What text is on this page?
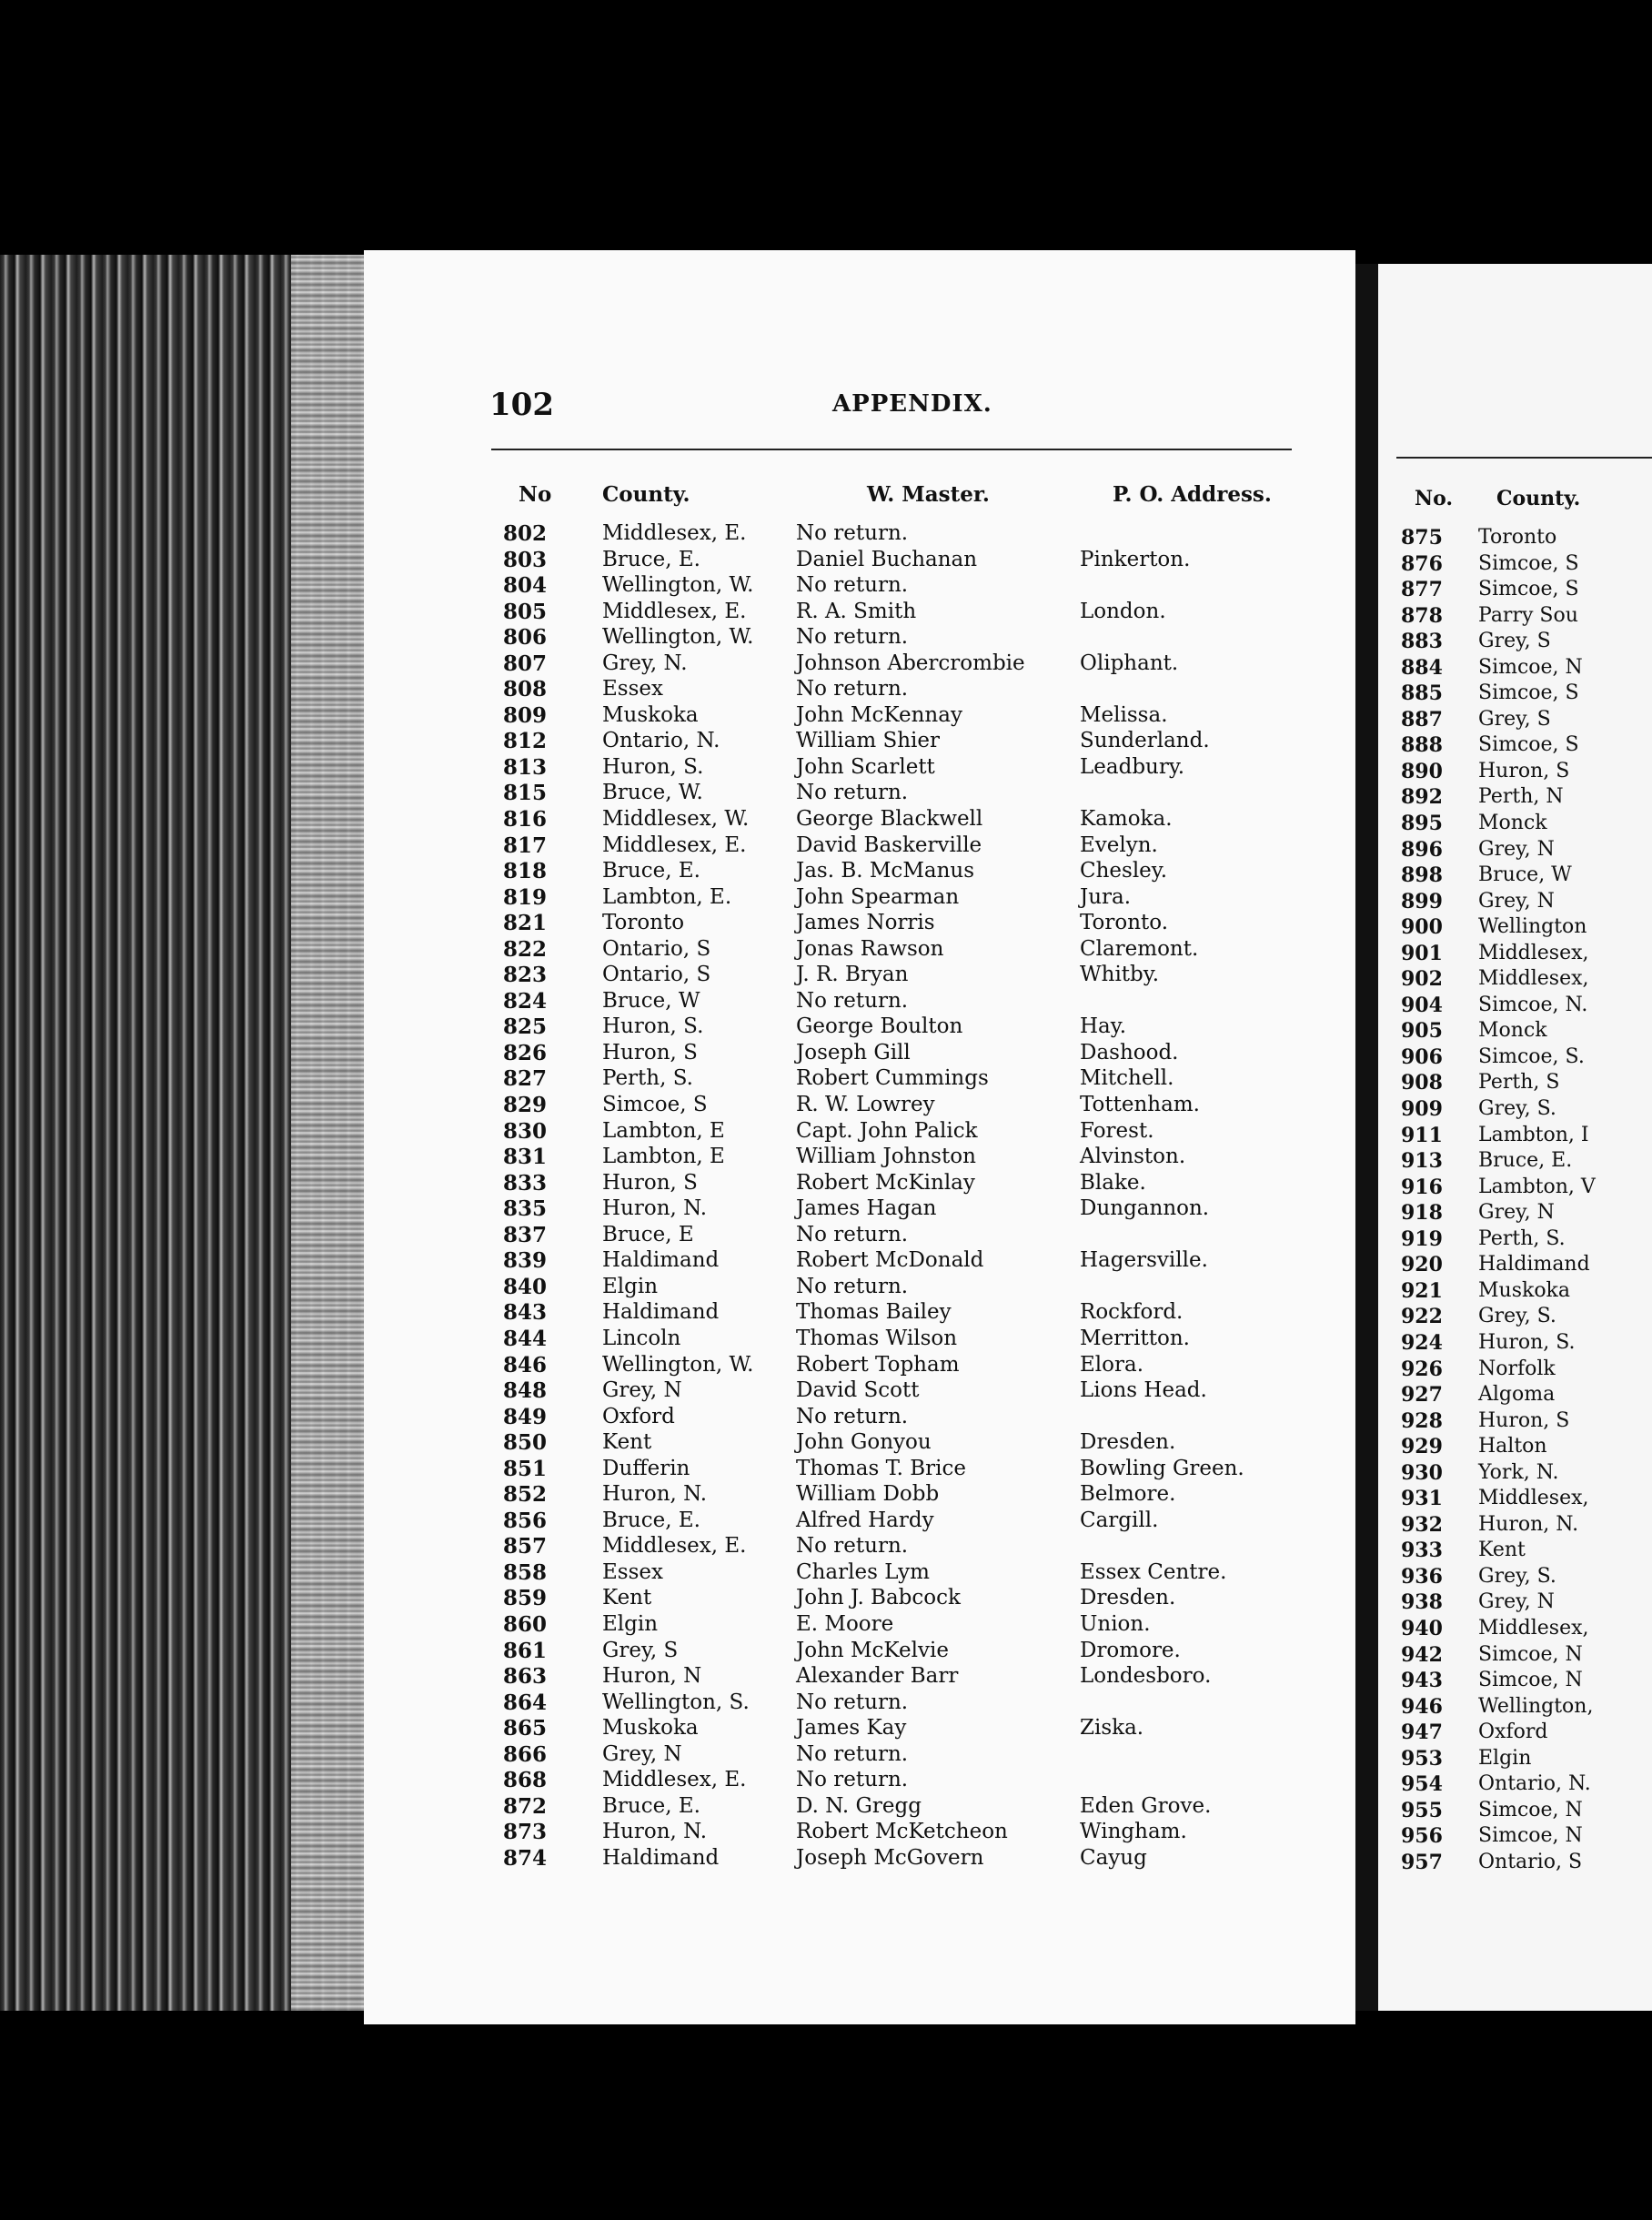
102	APPENDIX.
No County.	W. Master.	P. O. Address.
802	Middlesex, E.	No return.
803	Bruce, E.	Daniel Buchanan	Pinkerton.
804	Wellington, W.	No return.
805	Middlesex, E.	R. A. Smith	London.
806	Wellington, W.	No return.
807	Grey, N.	Johnson Abercrombie	Oliphant.
808	Essex	No return.
809	Muskoka	John McKennay	Melissa.
812	Ontario, N.	William Shier	Sunderland.
813	Huron, S.	John Scarlett	Leadbury.
815	Bruce, W.	No return.
816	Middlesex, W.	George Blackwell	Kamoka.
817	Middlesex, E.	David Baskerville	Evelyn.
818	Bruce, E.	Jas. B. McManus	Chesley.
819	Lambton, E.	John Spearman	Jura.
821	Toronto	James Norris	Toronto.
822	Ontario, S	Jonas Rawson	Claremont.
823	Ontario, S	J. R. Bryan	Whitby.
824	Bruce, W	No return.
825	Huron, S.	George Boulton	Hay.
826	Huron, S	Joseph Gill	Dashood.
827	Perth, S.	Robert Cummings	Mitchell.
829	Simcoe, S	R. W. Lowrey	Tottenham.
830	Lambton, E	Capt. John Palick	Forest.
831	Lambton, E	William Johnston	Alvinston.
833	Huron, S	Robert McKinlay	Blake.
835	Huron, N.	James Hagan	Dungannon.
837	Bruce, E	No return.
839	Haldimand	Robert McDonald	Hagersville.
840	Elgin	No return.
843	Haldimand	Thomas Bailey	Rockford.
844	Lincoln	Thomas Wilson	Merritton.
846	Wellington, W.	Robert Topham	Elora.
848	Grey, N	David Scott	Lions Head.
849	Oxford	No return.
850	Kent	John Gonyou	Dresden.
851	Dufferin	Thomas T. Brice	Bowling Green.
852	Huron, N.	William Dobb	Belmore.
856	Bruce, E.	Alfred Hardy	Cargill.
857	Middlesex, E.	No return.
858	Essex	Charles Lym	Essex Centre.
859	Kent	John J. Babcock	Dresden.
860	Elgin	E. Moore	Union.
861	Grey, S	John McKelvie	Dromore.
863	Huron, N	Alexander Barr	Londesboro.
864	Wellington, S.	No return.
865	Muskoka	James Kay	Ziska.
866	Grey, N	No return.
868	Middlesex, E.	No return.
872	Bruce, E.	D. N. Gregg	Eden Grove.
873	Huron, N.	Robert McKetcheon	Wingham.
874	Haldimand	Joseph McGovern	Cayug
No. County.
875 Toronto
876 Simcoe, S
877 Simcoe, S
878 Parry Sou
883 Grey, S
884 Simcoe, N
885 Simcoe, S
887 Grey, S
888 Simcoe, S
890 Huron, S
892 Perth, N
895 Monck
896 Grey, N
898 Bruce, W
899 Grey, N
900 Wellington
901 Middlesex,
902 Middlesex,
904 Simcoe, N.
905 Monck
906 Simcoe, S.
908 Perth, S
909 Grey, S.
911 Lambton, I
913 Bruce, E.
916 Lambton, V
918 Grey, N
919 Perth, S.
920 Haldimand
921 Muskoka
922 Grey, S.
924 Huron, S.
926 Norfolk
927 Algoma
928 Huron, S
929 Halton
930 York, N.
931 Middlesex,
932 Huron, N.
933 Kent
936 Grey, S.
938 Grey, N
940 Middlesex,
942 Simcoe, N
943 Simcoe, N
946 Wellington,
947 Oxford
953 Elgin
954 Ontario, N.
955 Simcoe, N
956 Simcoe, N
957 Ontario, S
